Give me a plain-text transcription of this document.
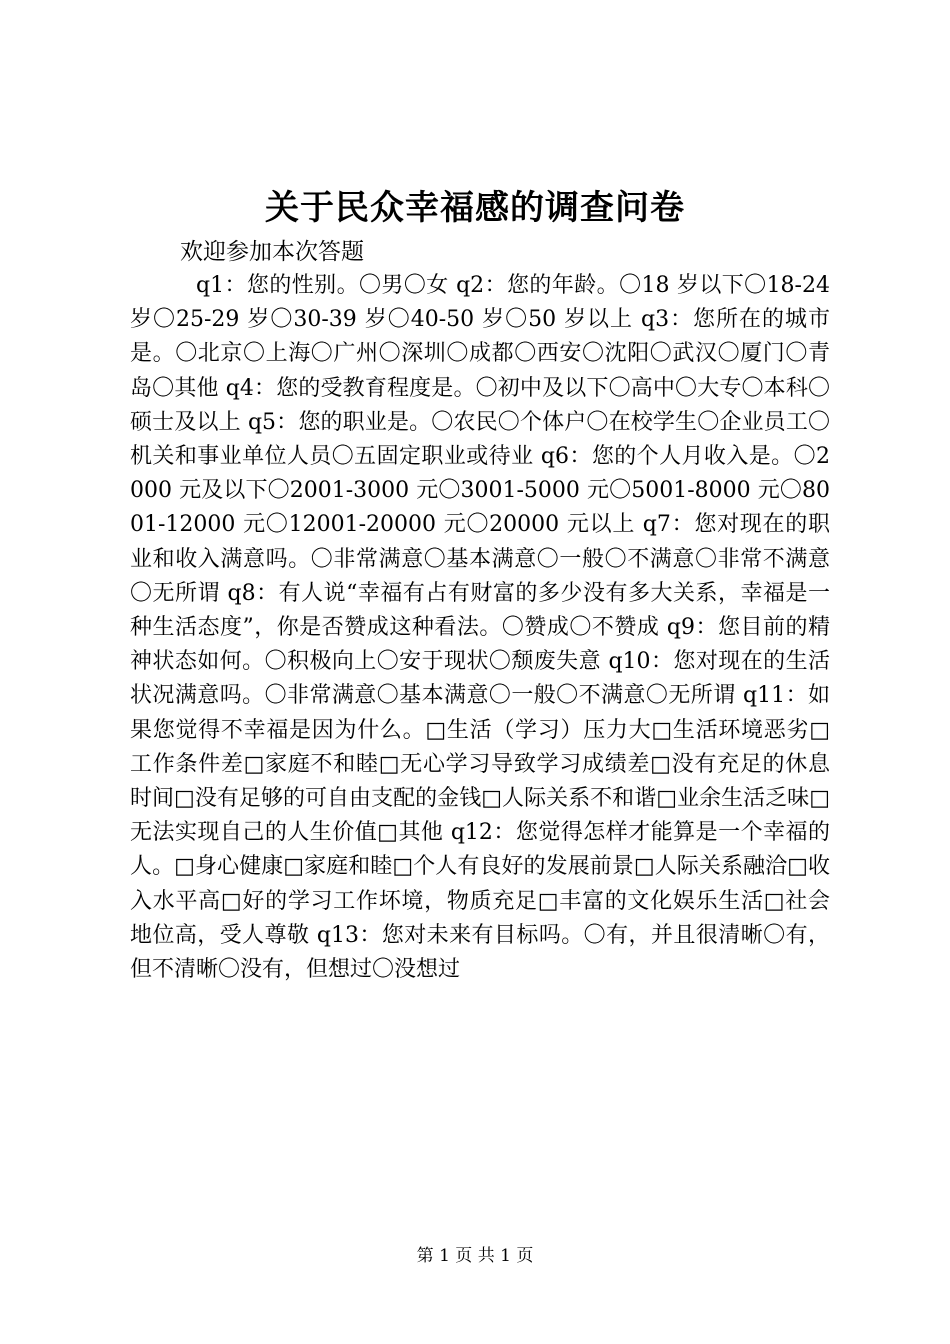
关于民众幸福感的调查问卷

欢迎参加本次答题

q1：您的性别。〇男〇女 q2：您的年龄。〇18 岁以下〇18-24 岁〇25-29 岁〇30-39 岁〇40-50 岁〇50 岁以上 q3：您所在的城市是。〇北京〇上海〇广州〇深圳〇成都〇西安〇沈阳〇武汉〇厦门〇青岛〇其他 q4：您的受教育程度是。〇初中及以下〇高中〇大专〇本科〇硕士及以上 q5：您的职业是。〇农民〇个体户〇在校学生〇企业员工〇机关和事业单位人员〇五固定职业或待业 q6：您的个人月收入是。〇2000 元及以下〇2001-3000 元〇3001-5000 元〇5001-8000 元〇8001-12000 元〇12001-20000 元〇20000 元以上 q7：您对现在的职业和收入满意吗。〇非常满意〇基本满意〇一般〇不满意〇非常不满意〇无所谓 q8：有人说“幸福有占有财富的多少没有多大关系，幸福是一种生活态度”，你是否赞成这种看法。〇赞成〇不赞成 q9：您目前的精神状态如何。〇积极向上〇安于现状〇颓废失意 q10：您对现在的生活状况满意吗。〇非常满意〇基本满意〇一般〇不满意〇无所谓 q11：如果您觉得不幸福是因为什么。□生活（学习）压力大□生活环境恶劣□工作条件差□家庭不和睦□无心学习导致学习成绩差□没有充足的休息时间□没有足够的可自由支配的金钱□人际关系不和谐□业余生活乏味□无法实现自己的人生价值□其他 q12：您觉得怎样才能算是一个幸福的人。□身心健康□家庭和睦□个人有良好的发展前景□人际关系融洽□收入水平高□好的学习工作坏境，物质充足□丰富的文化娱乐生活□社会地位高，受人尊敬 q13：您对未来有目标吗。〇有，并且很清晰〇有，但不清晰〇没有，但想过〇没想过

第 1 页 共 1 页
